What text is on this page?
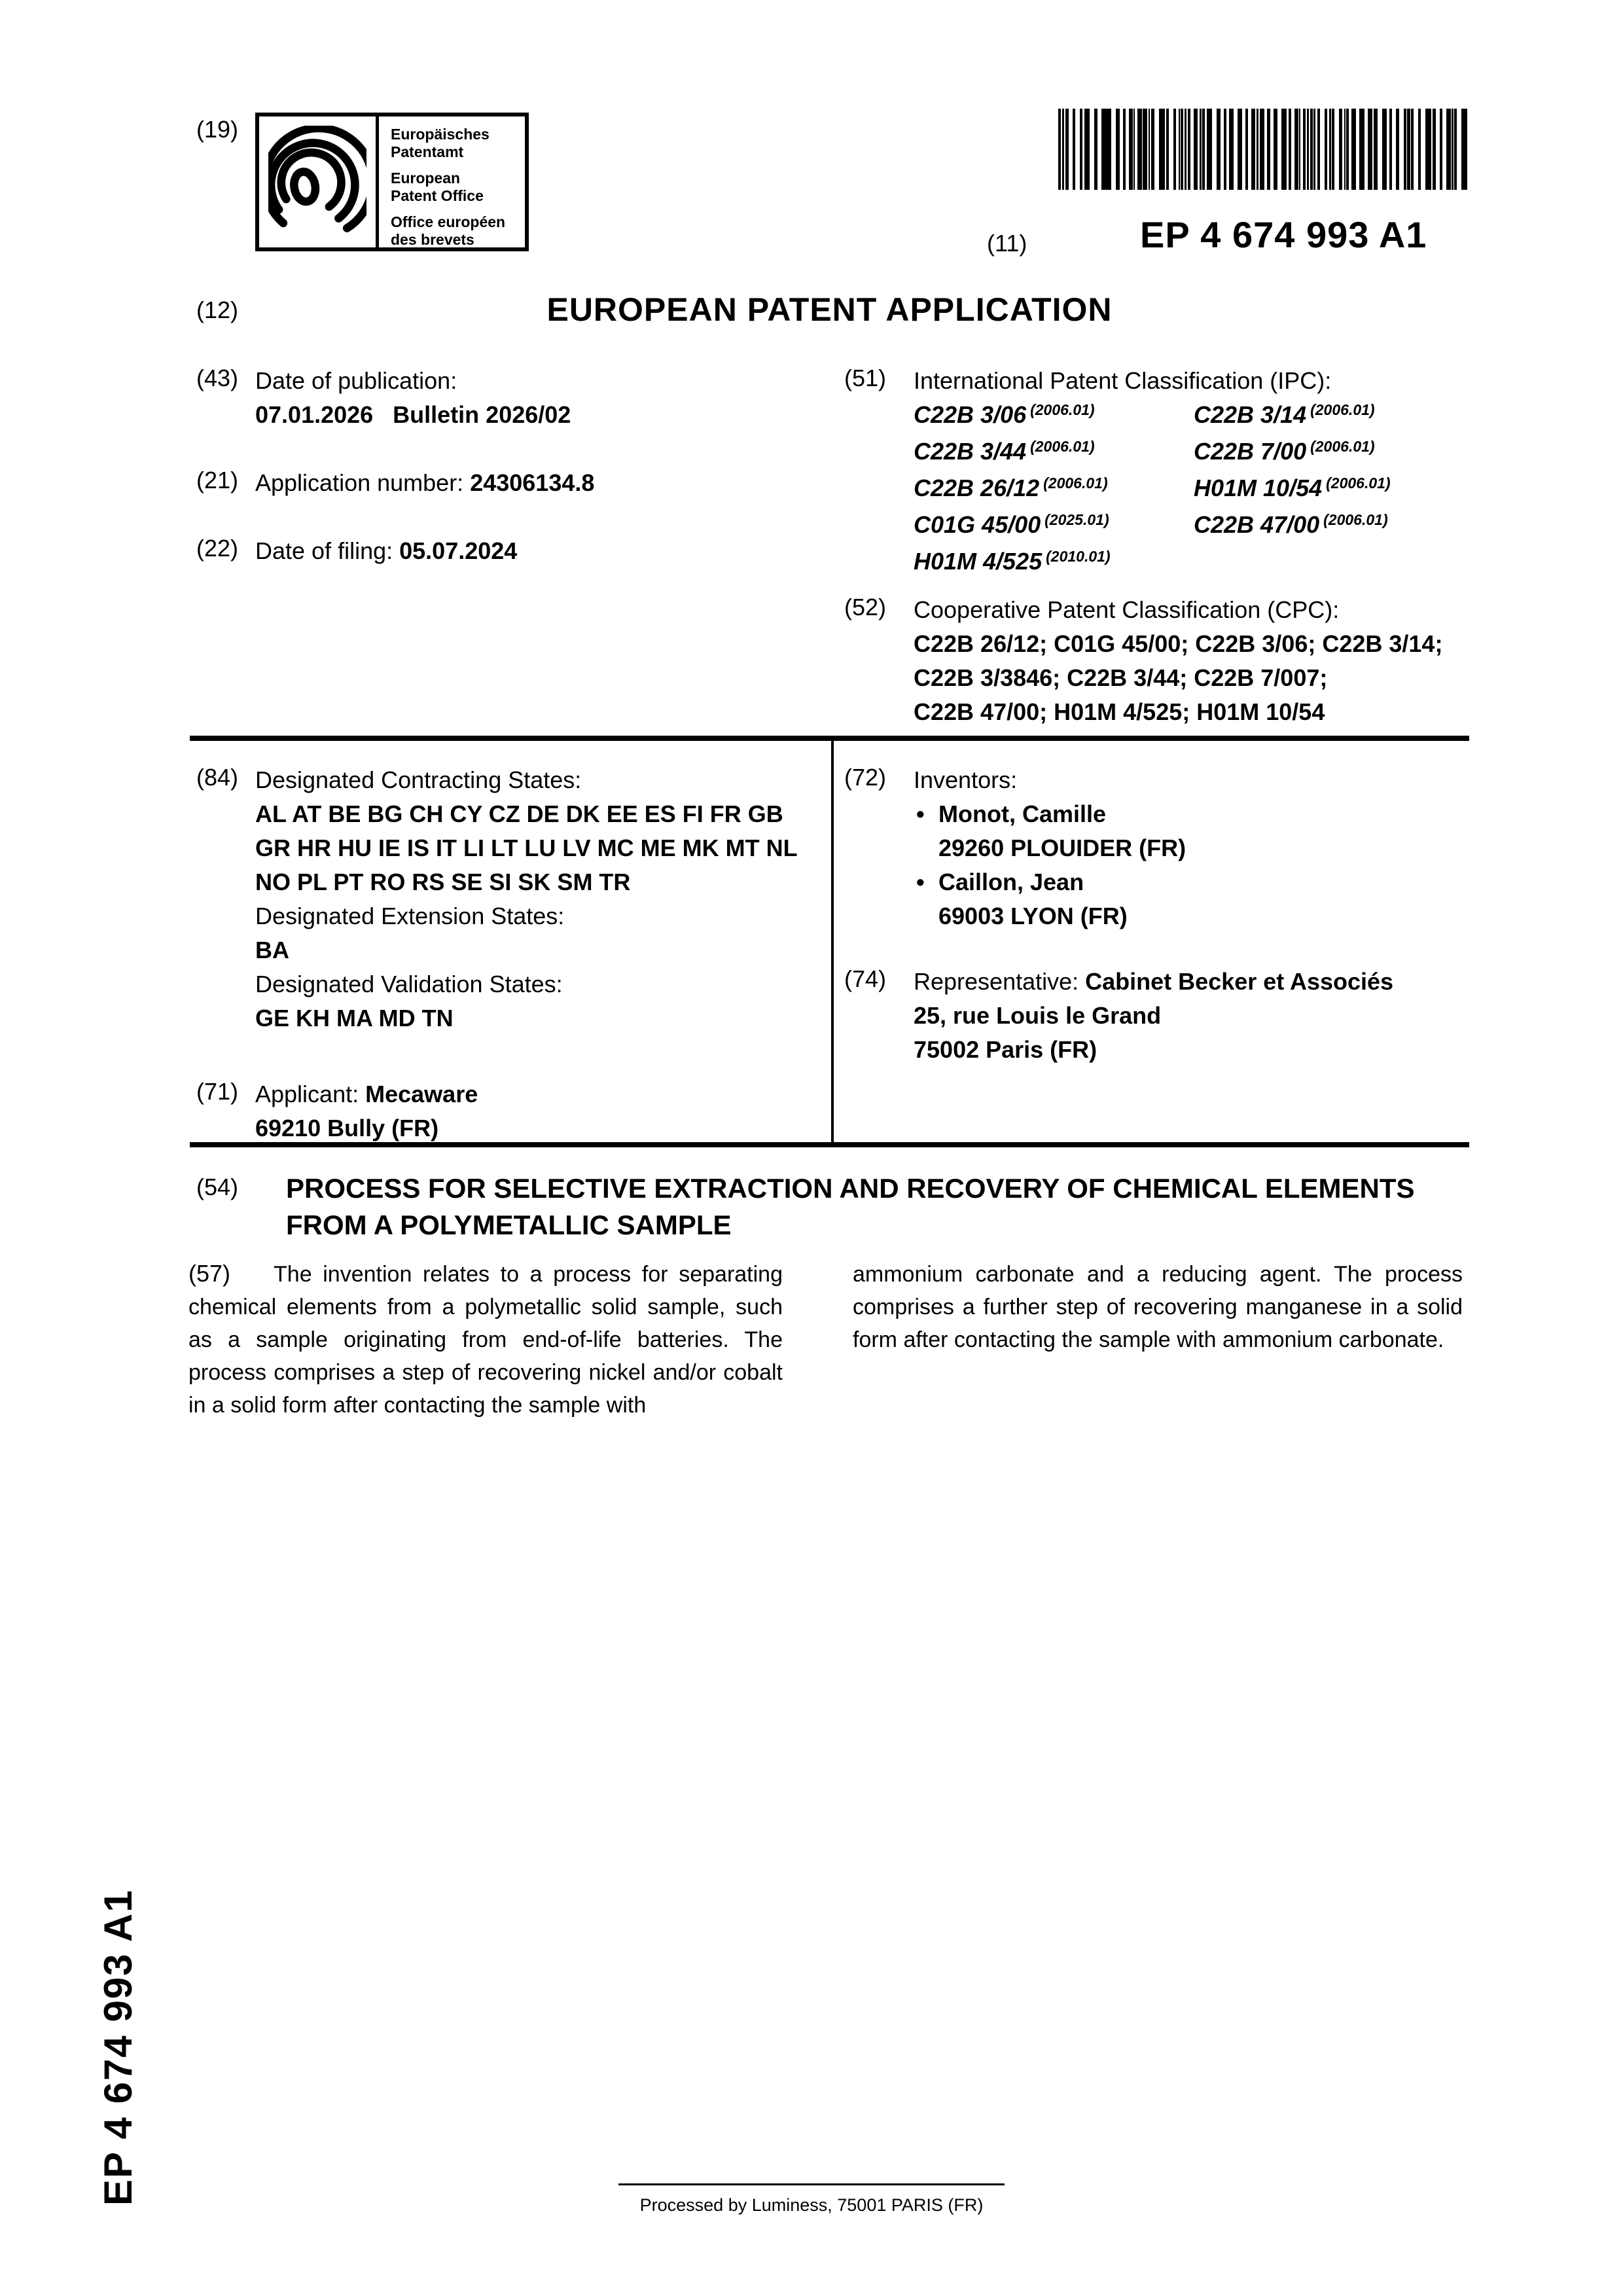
(19)	Europäisches
Patentamt
European
Patent Office
Office européen
des brevets	(11)	EP 4 674 993 A1
(12)	EUROPEAN PATENT APPLICATION
(43) Date of publication:
07.01.2026   Bulletin 2026/02
(21) Application number: 24306134.8
(22) Date of filing: 05.07.2024
(51) International Patent Classification (IPC):
C22B 3/06 $^{(2006.01)}$	C22B 3/14 $^{(2006.01)}$
C22B 3/44 $^{(2006.01)}$	C22B 7/00 $^{(2006.01)}$
C22B 26/12 $^{(2006.01)}$	H01M 10/54 $^{(2006.01)}$
C01G 45/00 $^{(2025.01)}$	C22B 47/00 $^{(2006.01)}$
H01M 4/525 $^{(2010.01)}$
(52) Cooperative Patent Classification (CPC):
C22B 26/12; C01G 45/00; C22B 3/06; C22B 3/14;
C22B 3/3846; C22B 3/44; C22B 7/007;
C22B 47/00; H01M 4/525; H01M 10/54
(84) Designated Contracting States:
AL AT BE BG CH CY CZ DE DK EE ES FI FR GB
GR HR HU IE IS IT LI LT LU LV MC ME MK MT NL
NO PL PT RO RS SE SI SK SM TR
Designated Extension States:
BA
Designated Validation States:
GE KH MA MD TN
(71) Applicant: Mecaware
69210 Bully (FR)
(72) Inventors:
• Monot, Camille
29260 PLOUIDER (FR)
• Caillon, Jean
69003 LYON (FR)
(74) Representative: Cabinet Becker et Associés
25, rue Louis le Grand
75002 Paris (FR)
(54) PROCESS FOR SELECTIVE EXTRACTION AND RECOVERY OF CHEMICAL ELEMENTS
FROM A POLYMETALLIC SAMPLE
(57) The invention relates to a process for separating chemical elements from a polymetallic solid sample, such as a sample originating from end-of-life batteries. The process comprises a step of recovering nickel and/or cobalt in a solid form after contacting the sample with
ammonium carbonate and a reducing agent. The process comprises a further step of recovering manganese in a solid form after contacting the sample with ammonium carbonate.
EP 4 674 993 A1	Processed by Luminess, 75001 PARIS (FR)
